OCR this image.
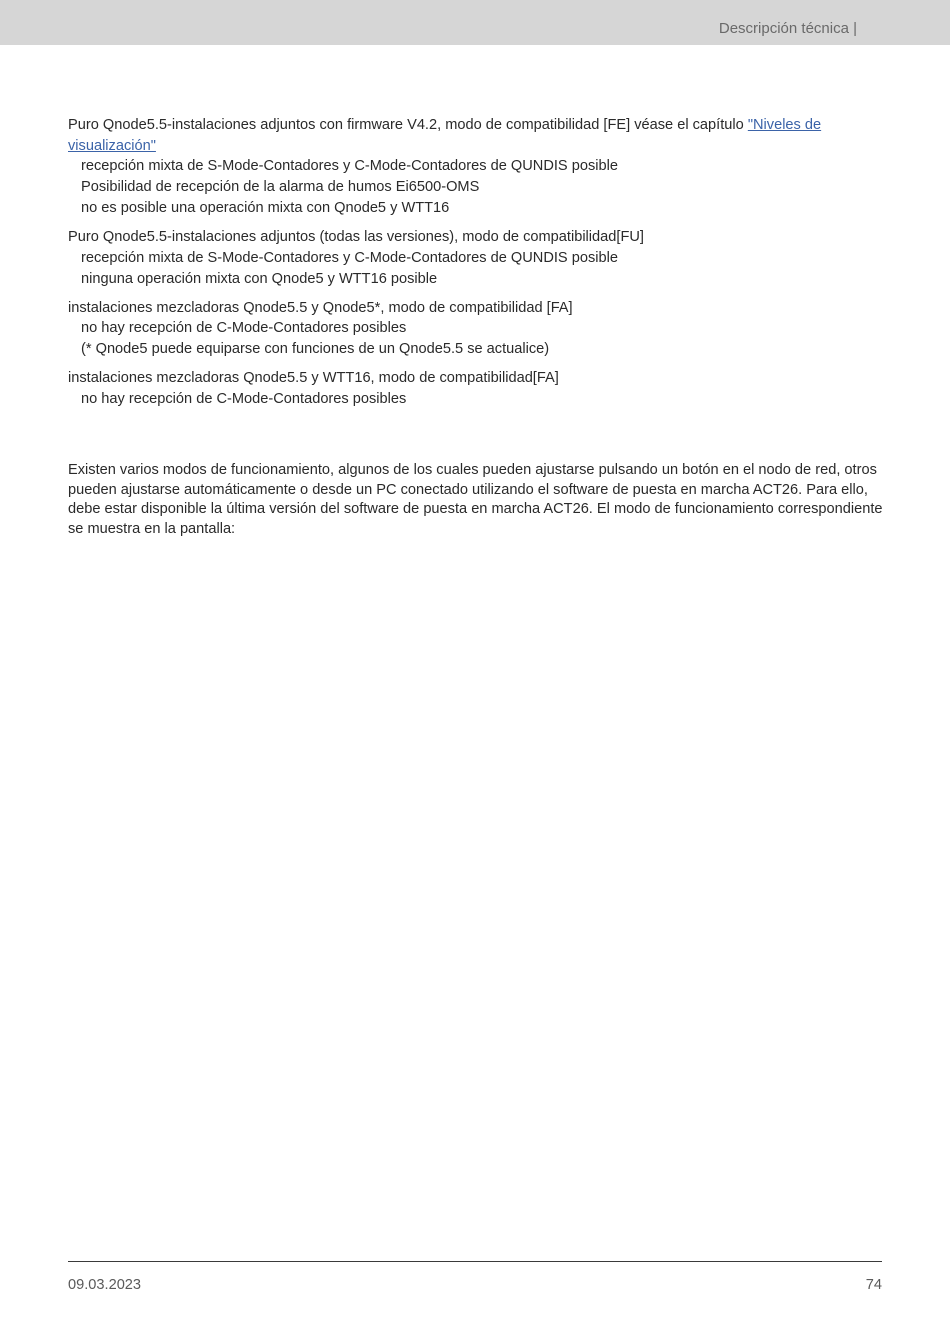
Descripción técnica |

Puro Qnode5.5-instalaciones adjuntos con firmware V4.2, modo de compatibilidad [FE] véase el capítulo "Niveles de visualización"

recepción mixta de S-Mode-Contadores y C-Mode-Contadores de QUNDIS posible

Posibilidad de recepción de la alarma de humos Ei6500-OMS

no es posible una operación mixta con Qnode5 y WTT16

Puro Qnode5.5-instalaciones adjuntos (todas las versiones), modo de compatibilidad[FU]

recepción mixta de S-Mode-Contadores y C-Mode-Contadores de QUNDIS posible

ninguna operación mixta con Qnode5 y WTT16 posible

instalaciones mezcladoras Qnode5.5 y Qnode5*, modo de compatibilidad [FA]

no hay recepción de C-Mode-Contadores posibles

(* Qnode5 puede equiparse con funciones de un Qnode5.5 se actualice)

instalaciones mezcladoras Qnode5.5 y WTT16, modo de compatibilidad[FA]

no hay recepción de C-Mode-Contadores posibles

Existen varios modos de funcionamiento, algunos de los cuales pueden ajustarse pulsando un botón en el nodo de red, otros pueden ajustarse automáticamente o desde un PC conectado utilizando el software de puesta en marcha ACT26. Para ello, debe estar disponible la última versión del software de puesta en marcha ACT26. El modo de funcionamiento correspondiente se muestra en la pantalla:

09.03.2023	74
